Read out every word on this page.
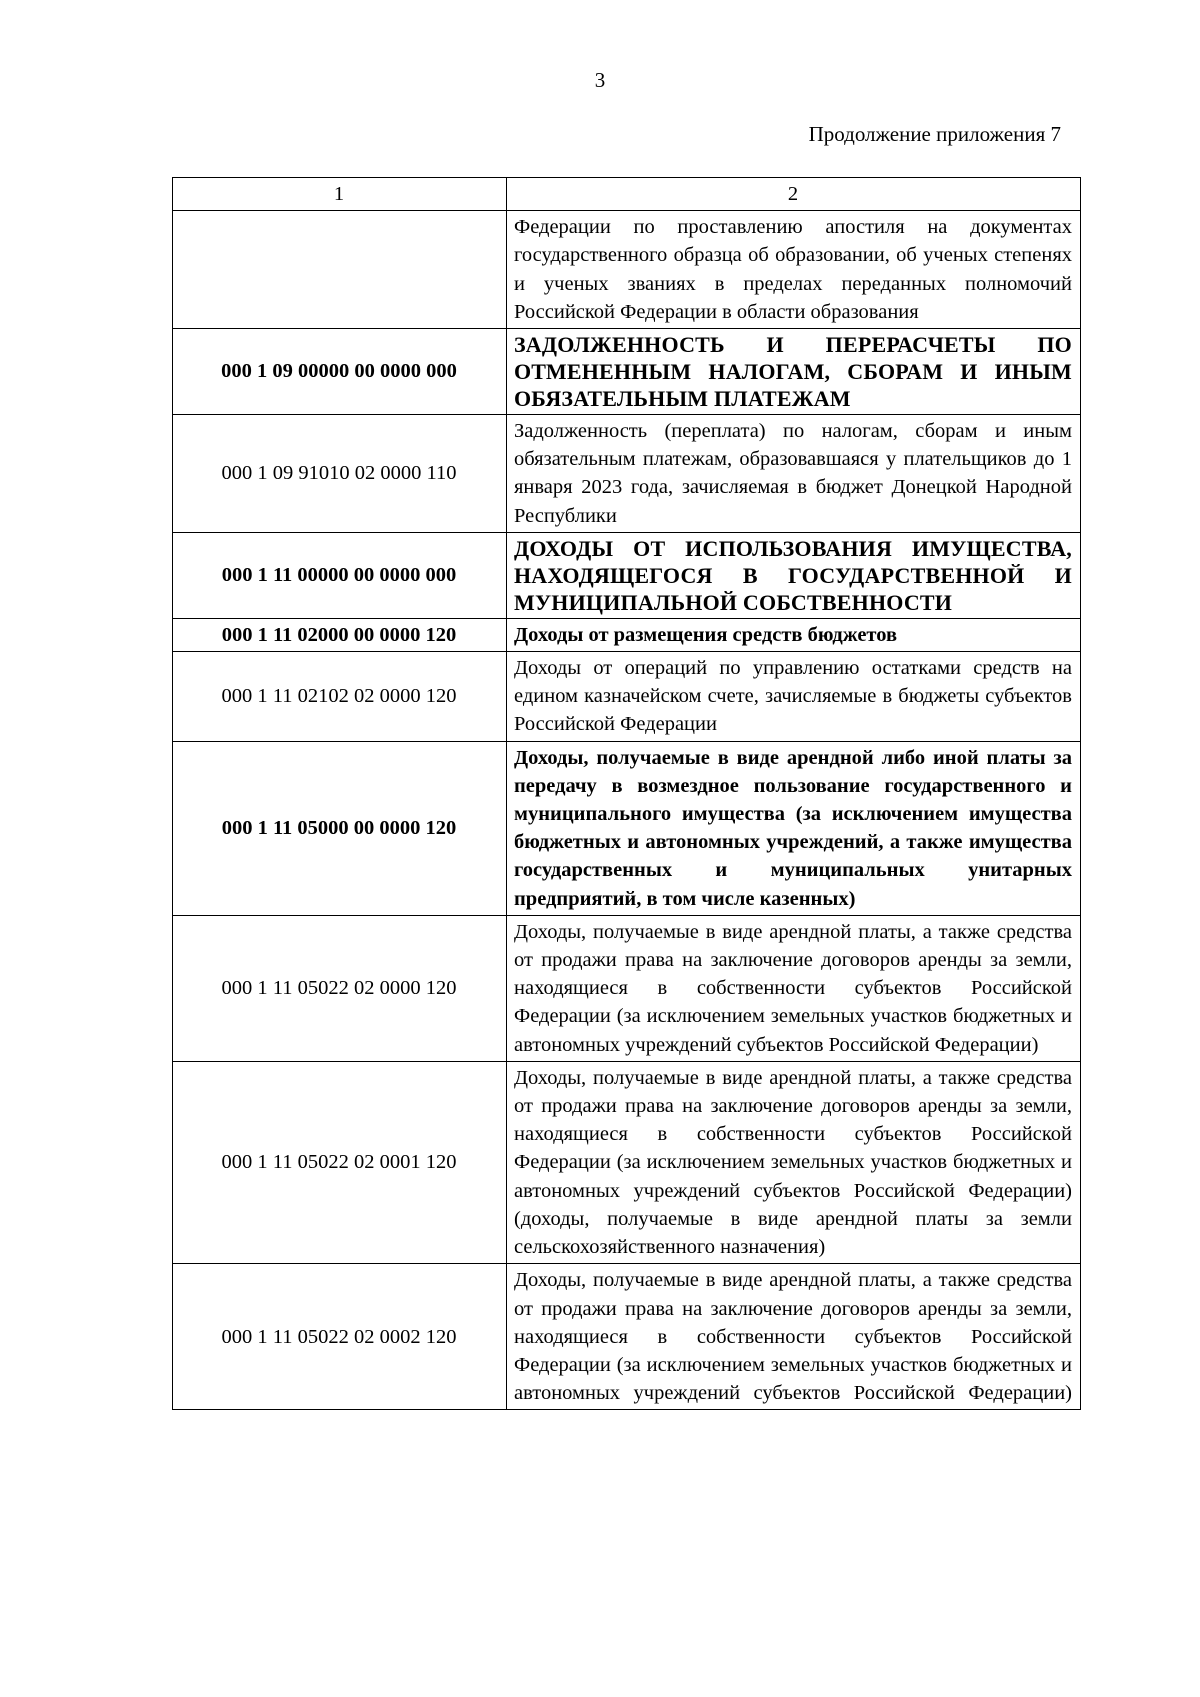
3
Продолжение приложения 7
1	2
	Федерации по проставлению апостиля на документах государственного образца об образовании, об ученых степенях и ученых званиях в пределах переданных полномочий Российской Федерации в области образования
000 1 09 00000 00 0000 000	ЗАДОЛЖЕННОСТЬ И ПЕРЕРАСЧЕТЫ ПО ОТМЕНЕННЫМ НАЛОГАМ, СБОРАМ И ИНЫМ ОБЯЗАТЕЛЬНЫМ ПЛАТЕЖАМ
000 1 09 91010 02 0000 110	Задолженность (переплата) по налогам, сборам и иным обязательным платежам, образовавшаяся у плательщиков до 1 января 2023 года, зачисляемая в бюджет Донецкой Народной Республики
000 1 11 00000 00 0000 000	ДОХОДЫ ОТ ИСПОЛЬЗОВАНИЯ ИМУЩЕСТВА, НАХОДЯЩЕГОСЯ В ГОСУДАРСТВЕННОЙ И МУНИЦИПАЛЬНОЙ СОБСТВЕННОСТИ
000 1 11 02000 00 0000 120	Доходы от размещения средств бюджетов
000 1 11 02102 02 0000 120	Доходы от операций по управлению остатками средств на едином казначейском счете, зачисляемые в бюджеты субъектов Российской Федерации
000 1 11 05000 00 0000 120	Доходы, получаемые в виде арендной либо иной платы за передачу в возмездное пользование государственного и муниципального имущества (за исключением имущества бюджетных и автономных учреждений, а также имущества государственных и муниципальных унитарных предприятий, в том числе казенных)
000 1 11 05022 02 0000 120	Доходы, получаемые в виде арендной платы, а также средства от продажи права на заключение договоров аренды за земли, находящиеся в собственности субъектов Российской Федерации (за исключением земельных участков бюджетных и автономных учреждений субъектов Российской Федерации)
000 1 11 05022 02 0001 120	Доходы, получаемые в виде арендной платы, а также средства от продажи права на заключение договоров аренды за земли, находящиеся в собственности субъектов Российской Федерации (за исключением земельных участков бюджетных и автономных учреждений субъектов Российской Федерации) (доходы, получаемые в виде арендной платы за земли сельскохозяйственного назначения)
000 1 11 05022 02 0002 120	Доходы, получаемые в виде арендной платы, а также средства от продажи права на заключение договоров аренды за земли, находящиеся в собственности субъектов Российской Федерации (за исключением земельных участков бюджетных и автономных учреждений субъектов Российской Федерации)
